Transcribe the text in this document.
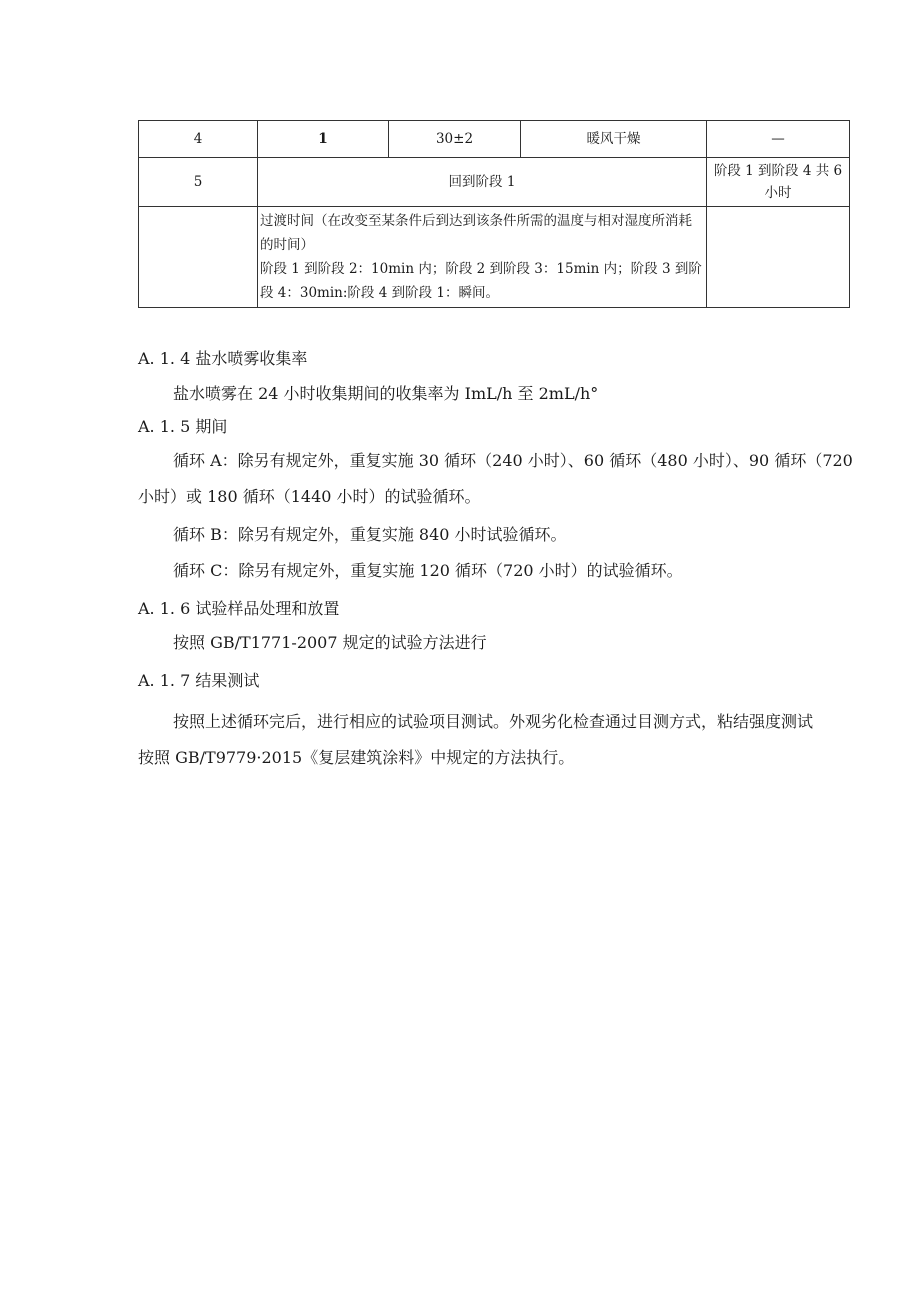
4	1	30±2	暖风干燥	—
5	回到阶段 1			阶段 1 到阶段 4 共 6 小时
	过渡时间（在改变至某条件后到达到该条件所需的温度与相对湿度所消耗的时间）
阶段 1 到阶段 2：10min 内；阶段 2 到阶段 3：15min 内；阶段 3 到阶段 4：30min:阶段 4 到阶段 1：瞬间。			
A. 1. 4 盐水喷雾收集率
盐水喷雾在 24 小时收集期间的收集率为 ImL/h 至 2mL/h°
A. 1. 5 期间
循环 A：除另有规定外，重复实施 30 循环（240 小时）、60 循环（480 小时）、90 循环（720 小时）或 180 循环（1440 小时）的试验循环。
循环 B：除另有规定外，重复实施 840 小时试验循环。
循环 C：除另有规定外，重复实施 120 循环（720 小时）的试验循环。
A. 1. 6 试验样品处理和放置
按照 GB/T1771-2007 规定的试验方法进行
A. 1. 7 结果测试
按照上述循环完后，进行相应的试验项目测试。外观劣化检查通过目测方式，粘结强度测试按照 GB/T9779·2015《复层建筑涂料》中规定的方法执行。
